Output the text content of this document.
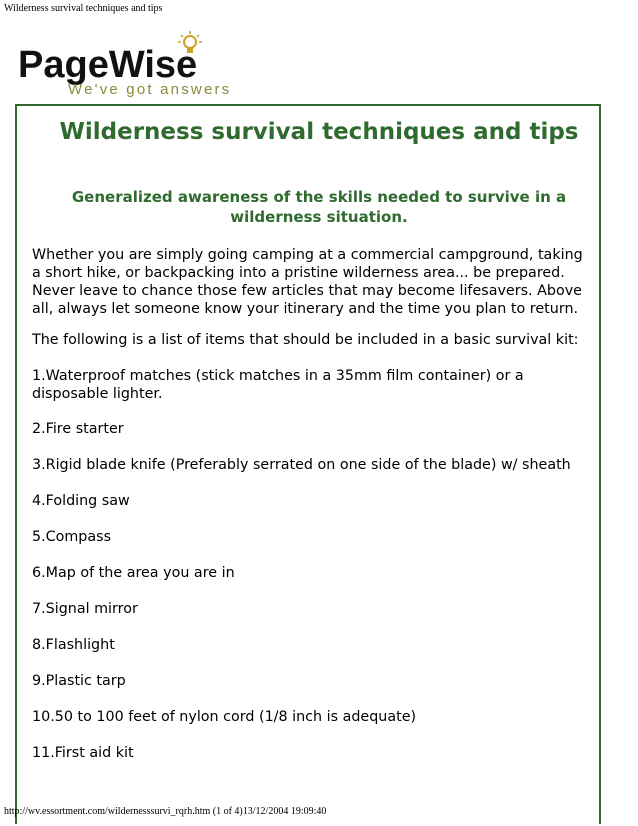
Wilderness survival techniques and tips
PageWise
We've got answers
Wilderness survival techniques and tips
Generalized awareness of the skills needed to survive in a wilderness situation.
Whether you are simply going camping at a commercial campground, taking a short hike, or backpacking into a pristine wilderness area... be prepared. Never leave to chance those few articles that may become lifesavers. Above all, always let someone know your itinerary and the time you plan to return.
The following is a list of items that should be included in a basic survival kit:
1.Waterproof matches (stick matches in a 35mm film container) or a disposable lighter.
2.Fire starter
3.Rigid blade knife (Preferably serrated on one side of the blade) w/ sheath
4.Folding saw
5.Compass
6.Map of the area you are in
7.Signal mirror
8.Flashlight
9.Plastic tarp
10.50 to 100 feet of nylon cord (1/8 inch is adequate)
11.First aid kit
http://wv.essortment.com/wildernesssurvi_rqrh.htm (1 of 4)13/12/2004 19:09:40
